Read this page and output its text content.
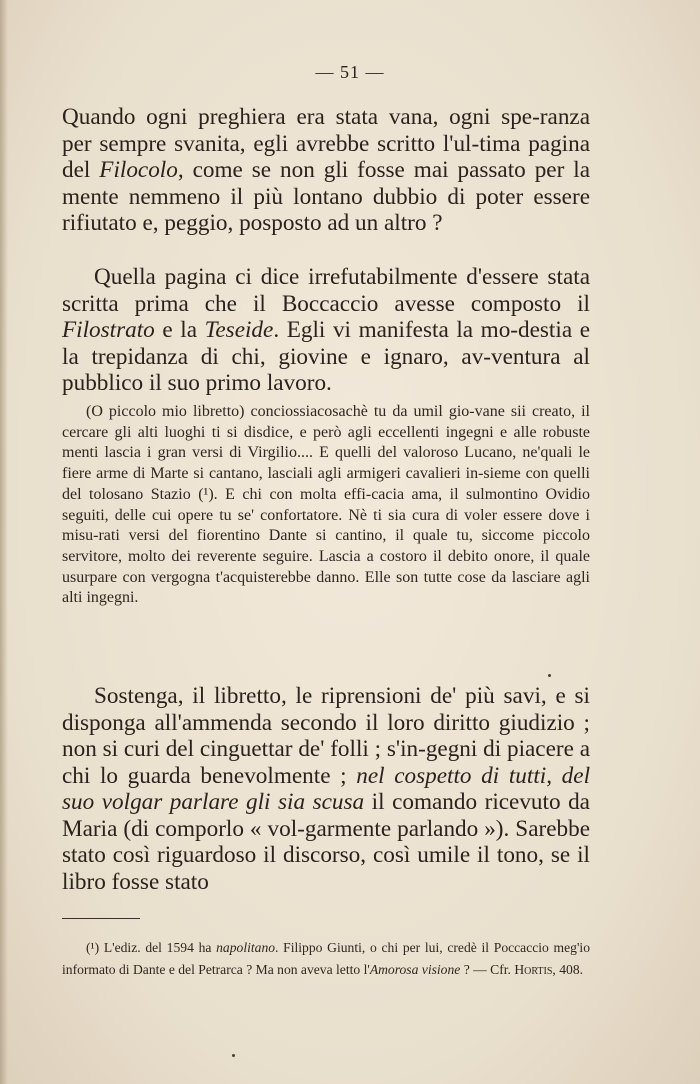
— 51 —

Quando ogni preghiera era stata vana, ogni spe-ranza per sempre svanita, egli avrebbe scritto l'ul-tima pagina del Filocolo, come se non gli fosse mai passato per la mente nemmeno il più lontano dubbio di poter essere rifiutato e, peggio, posposto ad un altro ?

Quella pagina ci dice irrefutabilmente d'essere stata scritta prima che il Boccaccio avesse composto il Filostrato e la Teseide. Egli vi manifesta la mo-destia e la trepidanza di chi, giovine e ignaro, av-ventura al pubblico il suo primo lavoro.

(O piccolo mio libretto) conciossiacosachè tu da umil gio-vane sii creato, il cercare gli alti luoghi ti si disdice, e però agli eccellenti ingegni e alle robuste menti lascia i gran versi di Virgilio.... E quelli del valoroso Lucano, ne'quali le fiere arme di Marte si cantano, lasciali agli armigeri cavalieri in-sieme con quelli del tolosano Stazio (¹). E chi con molta effi-cacia ama, il sulmontino Ovidio seguiti, delle cui opere tu se' confortatore. Nè ti sia cura di voler essere dove i misu-rati versi del fiorentino Dante si cantino, il quale tu, siccome piccolo servitore, molto dei reverente seguire. Lascia a costoro il debito onore, il quale usurpare con vergogna t'acquisterebbe danno. Elle son tutte cose da lasciare agli alti ingegni.

Sostenga, il libretto, le riprensioni de' più savi, e si disponga all'ammenda secondo il loro diritto giudizio ; non si curi del cinguettar de' folli ; s'in-gegni di piacere a chi lo guarda benevolmente ; nel cospetto di tutti, del suo volgar parlare gli sia scusa il comando ricevuto da Maria (di comporlo « vol-garmente parlando »). Sarebbe stato così riguardoso il discorso, così umile il tono, se il libro fosse stato

(¹) L'ediz. del 1594 ha napolitano. Filippo Giunti, o chi per lui, credè il Poccaccio meg'io informato di Dante e del Petrarca ? Ma non aveva letto l'Amorosa visione ? — Cfr. Hortis, 408.
